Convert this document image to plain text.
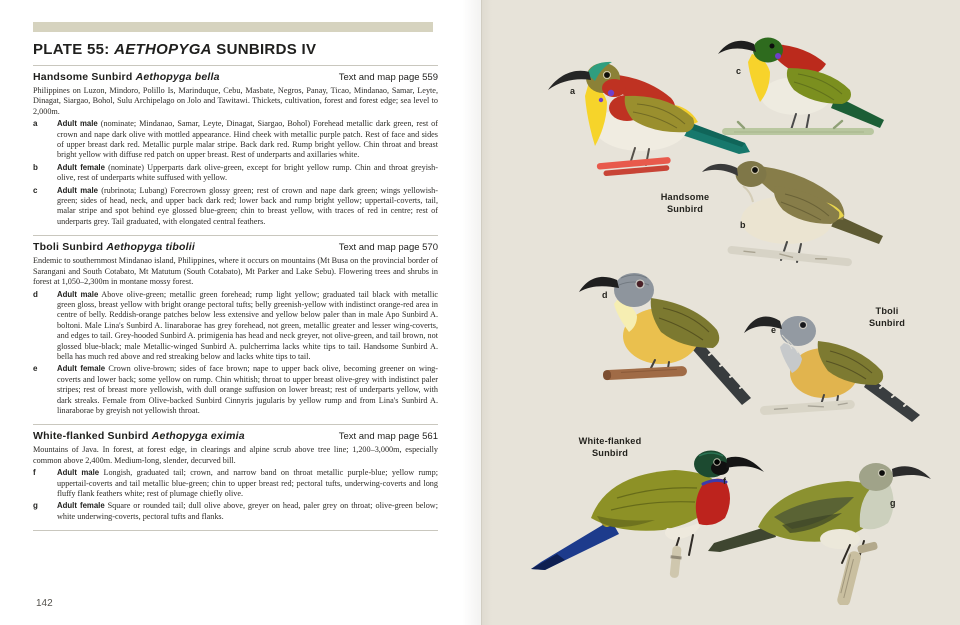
PLATE 55: AETHOPYGA SUNBIRDS IV
Handsome Sunbird Aethopyga bella	Text and map page 559

Philippines on Luzon, Mindoro, Polillo Is, Marinduque, Cebu, Masbate, Negros, Panay, Ticao, Mindanao, Samar, Leyte, Dinagat, Siargao, Bohol, Sulu Archipelago on Jolo and Tawitawi. Thickets, cultivation, forest and forest edge; sea level to 2,000m.

a	Adult male (nominate; Mindanao, Samar, Leyte, Dinagat, Siargao, Bohol) Forehead metallic dark green, rest of crown and nape dark olive with mottled appearance. Hind cheek with metallic purple patch. Rest of face and sides of upper breast dark red. Metallic purple malar stripe. Back dark red. Rump bright yellow. Chin throat and breast bright yellow with diffuse red patch on upper breast. Rest of underparts and axillaries white.

b	Adult female (nominate) Upperparts dark olive-green, except for bright yellow rump. Chin and throat greyish-olive, rest of underparts white suffused with yellow.

c	Adult male (rubrinota; Lubang) Forecrown glossy green; rest of crown and nape dark green; wings yellowish-green; sides of head, neck, and upper back dark red; lower back and rump bright yellow; uppertail-coverts, tail, malar stripe and spot behind eye glossed blue-green; chin to breast yellow, with traces of red in centre; rest of underparts grey. Tail graduated, with elongated central feathers.

Tboli Sunbird Aethopyga tibolii	Text and map page 570

Endemic to southernmost Mindanao island, Philippines, where it occurs on mountains (Mt Busa on the provincial border of Sarangani and South Cotabato, Mt Matutum (South Cotabato), Mt Parker and Lake Sebu). Flowering trees and shrubs in forest at 1,050–2,300m in montane mossy forest.

d	Adult male Above olive-green; metallic green forehead; rump light yellow; graduated tail black with metallic green gloss, breast yellow with bright orange pectoral tufts; belly greenish-yellow with indistinct orange-red area in centre of belly. Reddish-orange patches below less extensive and yellow below paler than in male Apo Sunbird A. boltoni. Male Lina's Sunbird A. linaraborae has grey forehead, not green, metallic greater and lesser wing-coverts, and edges to tail. Grey-hooded Sunbird A. primigenia has head and neck greyer, not olive-green, and tail brown, not glossed blue-black; male Metallic-winged Sunbird A. pulcherrima lacks white tips to tail. Handsome Sunbird A. bella has much red above and red streaking below and lacks white tips to tail.

e	Adult female Crown olive-brown; sides of face brown; nape to upper back olive, becoming greener on wing-coverts and lower back; some yellow on rump. Chin whitish; throat to upper breast olive-grey with indistinct paler stripes; rest of breast more yellowish, with dull orange suffusion on lower breast; rest of underparts yellow, with dark streaks. Female from Olive-backed Sunbird Cinnyris jugularis by yellow rump and from Lina's Sunbird A. linaraborae by greyish not yellowish throat.

White-flanked Sunbird Aethopyga eximia	Text and map page 561

Mountains of Java. In forest, at forest edge, in clearings and alpine scrub above tree line; 1,200–3,000m, especially common above 2,400m. Medium-long, slender, decurved bill.

f	Adult male Longish, graduated tail; crown, and narrow band on throat metallic purple-blue; yellow rump; uppertail-coverts and tail metallic blue-green; chin to upper breast red; pectoral tufts, underwing-coverts and long fluffy flank feathers white; rest of plumage chiefly olive.

g	Adult female Square or rounded tail; dull olive above, greyer on head, paler grey on throat; olive-green below; white underwing-coverts, pectoral tufts and flanks.

142
a
b
c
d
e
f
g
Handsome Sunbird
Tboli Sunbird
White-flanked Sunbird
